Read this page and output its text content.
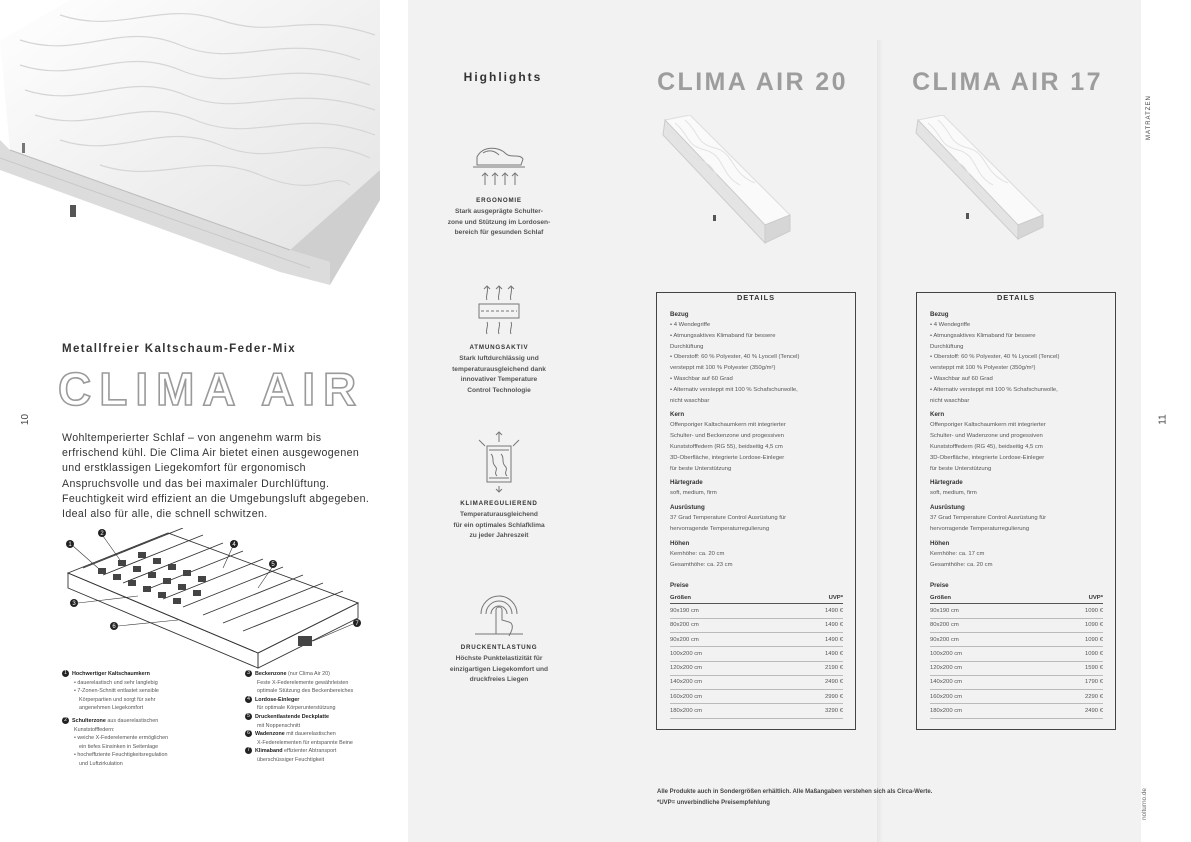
Metallfreier Kaltschaum-Feder-Mix
CLIMA AIR
10
Wohltemperierter Schlaf – von angenehm warm bis erfrischend kühl. Die Clima Air bietet einen ausgewogenen und erstklassigen Liegekomfort für ergonomisch Anspruchsvolle und das bei maximaler Durchlüftung. Feuchtigkeit wird effizient an die Umgebungsluft abgegeben. Ideal also für alle, die schnell schwitzen.
1
2
3
4
5
6	7
1 Hochwertiger Kaltschaumkern
• dauerelastisch und sehr langlebig
• 7-Zonen-Schnitt entlastet sensible
Körperpartien und sorgt für sehr
angenehmen Liegekomfort
2 Schulterzone aus dauerelastischen
Kunststofffedern:
• weiche X-Federelemente ermöglichen
ein tiefes Einsinken in Seitenlage
• hocheffiziente Feuchtigkeitsregulation
und Luftzirkulation
3 Beckenzone (nur Clima Air 20)
Feste X-Federelemente gewährleisten
optimale Stützung des Beckenbereiches
4 Lordose-Einleger
für optimale Körperunterstützung
5 Druckentlastende Deckplatte
mit Noppenschnitt
6 Wadenzone mit dauerelastischen
X-Federelementen für entspannte Beine
7 Klimaband effizienter Abtransport
überschüssiger Feuchtigkeit
Highlights
ERGONOMIE
Stark ausgeprägte Schulter-
zone und Stützung im Lordosen-
bereich für gesunden Schlaf
ATMUNGSAKTIV
Stark luftdurchlässig und
temperaturausgleichend dank
innovativer Temperature
Control Technologie
KLIMAREGULIEREND
Temperaturausgleichend
für ein optimales Schlafklima
zu jeder Jahreszeit
DRUCKENTLASTUNG
Höchste Punktelastizität für
einzigartigen Liegekomfort und
druckfreies Liegen
CLIMA AIR 20
DETAILS
Bezug
• 4 Wendegriffe
• Atmungsaktives Klimaband für bessere
Durchlüftung
• Oberstoff: 60 % Polyester, 40 % Lyocell (Tencel)
versteppt mit 100 % Polyester (350g/m²)
• Waschbar auf 60 Grad
• Alternativ versteppt mit 100 % Schafschurwolle,
nicht waschbar
Kern
Offenporiger Kaltschaumkern mit integrierter
Schulter- und Beckenzone und progessiven
Kunststofffedern (RG 55), beidseitig 4,5 cm
3D-Oberfläche, integrierte Lordose-Einleger
für beste Unterstützung
Härtegrade
soft, medium, firm
Ausrüstung
37 Grad Temperature Control Ausrüstung für
hervorragende Temperaturregulierung
Höhen
Kernhöhe: ca. 20 cm
Gesamthöhe: ca. 23 cm
Preise
Größen	UVP*
90x190 cm	1490 €
80x200 cm	1490 €
90x200 cm	1490 €
100x200 cm	1490 €
120x200 cm	2190 €
140x200 cm	2490 €
160x200 cm	2990 €
180x200 cm	3290 €
CLIMA AIR 17
DETAILS
Bezug
• 4 Wendegriffe
• Atmungsaktives Klimaband für bessere
Durchlüftung
• Oberstoff: 60 % Polyester, 40 % Lyocell (Tencel)
versteppt mit 100 % Polyester (350g/m²)
• Waschbar auf 60 Grad
• Alternativ versteppt mit 100 % Schafschurwolle,
nicht waschbar
Kern
Offenporiger Kaltschaumkern mit integrierter
Schulter- und Wadenzone und progessiven
Kunststofffedern (RG 45), beidseitig 4,5 cm
3D-Oberfläche, integrierte Lordose-Einleger
für beste Unterstützung
Härtegrade
soft, medium, firm
Ausrüstung
37 Grad Temperature Control Ausrüstung für
hervorragende Temperaturregulierung
Höhen
Kernhöhe: ca. 17 cm
Gesamthöhe: ca. 20 cm
Preise
Größen	UVP*
90x190 cm	1090 €
80x200 cm	1090 €
90x200 cm	1090 €
100x200 cm	1090 €
120x200 cm	1590 €
140x200 cm	1790 €
160x200 cm	2290 €
180x200 cm	2490 €
Alle Produkte auch in Sondergrößen erhältlich. Alle Maßangaben verstehen sich als Circa-Werte.
*UVP= unverbindliche Preisempfehlung
MATRATZEN
11
nolturno.de
